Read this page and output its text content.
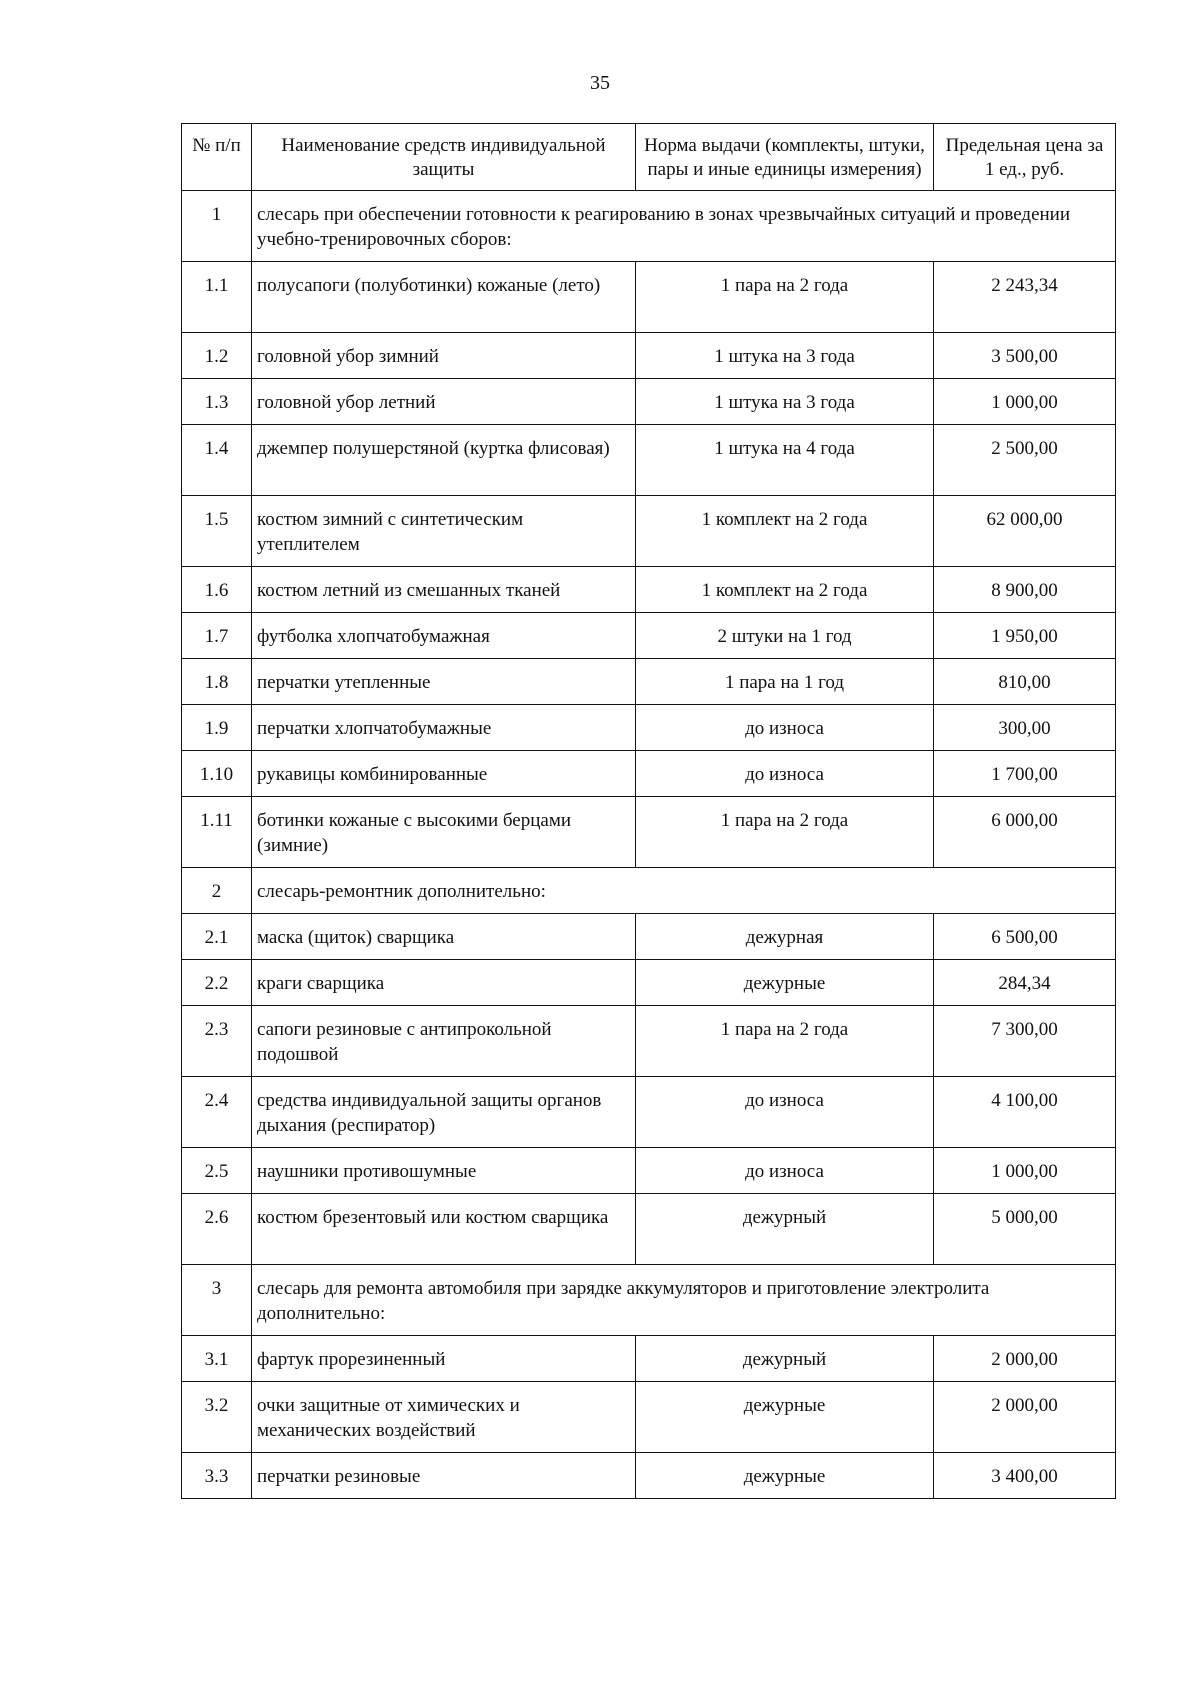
35
№ п/п	Наименование средств индивидуальной защиты	Норма выдачи (комплекты, штуки, пары и иные единицы измерения)	Предельная цена за 1 ед., руб.
1	слесарь при обеспечении готовности к реагированию в зонах чрезвычайных ситуаций и проведении учебно-тренировочных сборов:		
1.1	полусапоги (полуботинки) кожаные (лето)	1 пара на 2 года	2 243,34
1.2	головной убор зимний	1 штука на 3 года	3 500,00
1.3	головной убор летний	1 штука на 3 года	1 000,00
1.4	джемпер полушерстяной (куртка флисовая)	1 штука на 4 года	2 500,00
1.5	костюм зимний с синтетическим утеплителем	1 комплект на 2 года	62 000,00
1.6	костюм летний из смешанных тканей	1 комплект на 2 года	8 900,00
1.7	футболка хлопчатобумажная	2 штуки на 1 год	1 950,00
1.8	перчатки утепленные	1 пара на 1 год	810,00
1.9	перчатки хлопчатобумажные	до износа	300,00
1.10	рукавицы комбинированные	до износа	1 700,00
1.11	ботинки кожаные с высокими берцами (зимние)	1 пара на 2 года	6 000,00
2	слесарь-ремонтник дополнительно:		
2.1	маска (щиток) сварщика	дежурная	6 500,00
2.2	краги сварщика	дежурные	284,34
2.3	сапоги резиновые с антипрокольной подошвой	1 пара на 2 года	7 300,00
2.4	средства индивидуальной защиты органов дыхания (респиратор)	до износа	4 100,00
2.5	наушники противошумные	до износа	1 000,00
2.6	костюм брезентовый или костюм сварщика	дежурный	5 000,00
3	слесарь для ремонта автомобиля при зарядке аккумуляторов и приготовление электролита дополнительно:		
3.1	фартук прорезиненный	дежурный	2 000,00
3.2	очки защитные от химических и механических воздействий	дежурные	2 000,00
3.3	перчатки резиновые	дежурные	3 400,00
